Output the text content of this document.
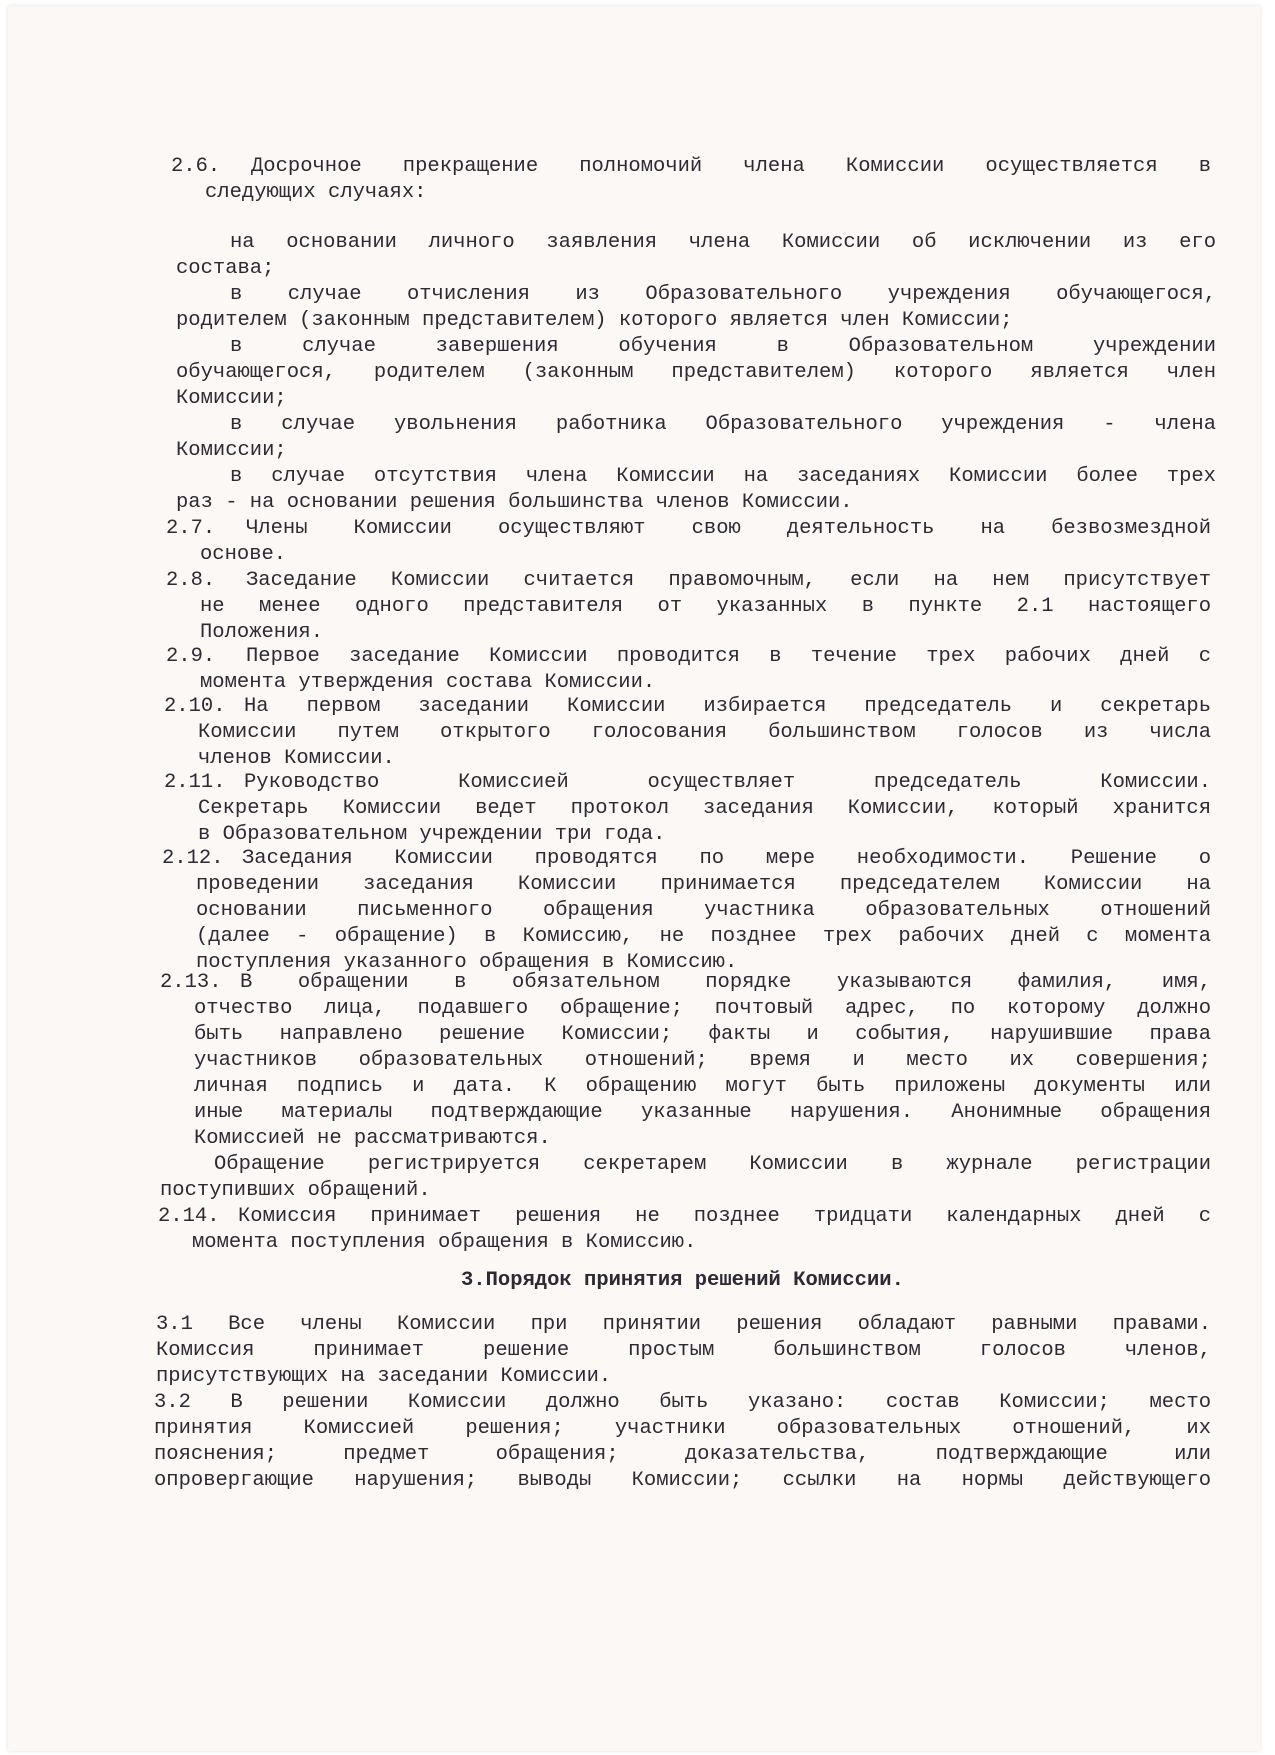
2.6. Досрочное прекращение полномочий члена Комиссии осуществляется в
следующих случаях:
на основании личного заявления члена Комиссии об исключении из его
состава;
в случае отчисления из Образовательного учреждения обучающегося,
родителем (законным представителем) которого является член Комиссии;
в случае завершения обучения в Образовательном учреждении
обучающегося, родителем (законным представителем) которого является член
Комиссии;
в случае увольнения работника Образовательного учреждения - члена
Комиссии;
в случае отсутствия члена Комиссии на заседаниях Комиссии более трех
раз - на основании решения большинства членов Комиссии.
2.7. Члены Комиссии осуществляют свою деятельность на безвозмездной
основе.
2.8. Заседание Комиссии считается правомочным, если на нем присутствует
не менее одного представителя от указанных в пункте 2.1 настоящего
Положения.
2.9. Первое заседание Комиссии проводится в течение трех рабочих дней с
момента утверждения состава Комиссии.
2.10. На первом заседании Комиссии избирается председатель и секретарь
Комиссии путем открытого голосования большинством голосов из числа
членов Комиссии.
2.11. Руководство Комиссией осуществляет председатель Комиссии.
Секретарь Комиссии ведет протокол заседания Комиссии, который хранится
в Образовательном учреждении три года.
2.12. Заседания Комиссии проводятся по мере необходимости. Решение о
проведении заседания Комиссии принимается председателем Комиссии на
основании письменного обращения участника образовательных отношений
(далее - обращение) в Комиссию, не позднее трех рабочих дней с момента
поступления указанного обращения в Комиссию.
2.13. В обращении в обязательном порядке указываются фамилия, имя,
отчество лица, подавшего обращение; почтовый адрес, по которому должно
быть направлено решение Комиссии; факты и события, нарушившие права
участников образовательных отношений; время и место их совершения;
личная подпись и дата. К обращению могут быть приложены документы или
иные материалы подтверждающие указанные нарушения. Анонимные обращения
Комиссией не рассматриваются.
Обращение регистрируется секретарем Комиссии в журнале регистрации
поступивших обращений.
2.14. Комиссия принимает решения не позднее тридцати календарных дней с
момента поступления обращения в Комиссию.
3.Порядок принятия решений Комиссии.
3.1 Все члены Комиссии при принятии решения обладают равными правами.
Комиссия принимает решение простым большинством голосов членов,
присутствующих на заседании Комиссии.
3.2 В решении Комиссии должно быть указано: состав Комиссии; место
принятия Комиссией решения; участники образовательных отношений, их
пояснения; предмет обращения; доказательства, подтверждающие или
опровергающие нарушения; выводы Комиссии; ссылки на нормы действующего
